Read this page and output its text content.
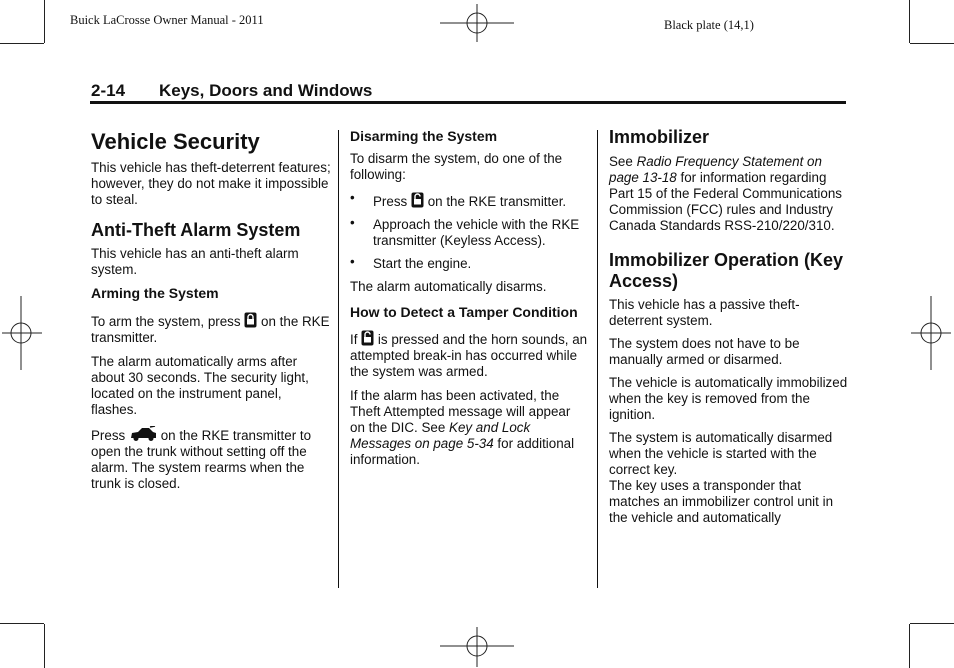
Buick LaCrosse Owner Manual - 2011	Black plate (14,1)
2-14 Keys, Doors and Windows
Vehicle Security

This vehicle has theft-deterrent features; however, they do not make it impossible to steal.

Anti-Theft Alarm System

This vehicle has an anti-theft alarm system.

Arming the System

To arm the system, press on the RKE transmitter.

The alarm automatically arms after about 30 seconds. The security light, located on the instrument panel, flashes.

Press	on the RKE transmitter to open the trunk without setting off the alarm. The system rearms when the trunk is closed.

Disarming the System

To disarm the system, do one of the following:

• Press on the RKE transmitter.
• Approach the vehicle with the RKE transmitter (Keyless Access).
• Start the engine.

The alarm automatically disarms.

How to Detect a Tamper Condition

If is pressed and the horn sounds, an attempted break-in has occurred while the system was armed.

If the alarm has been activated, the Theft Attempted message will appear on the DIC. See Key and Lock Messages on page 5-34 for additional information.

Immobilizer

See Radio Frequency Statement on page 13-18 for information regarding Part 15 of the Federal Communications Commission (FCC) rules and Industry Canada Standards RSS-210/220/310.

Immobilizer Operation (Key Access)

This vehicle has a passive theft-deterrent system.

The system does not have to be manually armed or disarmed.

The vehicle is automatically immobilized when the key is removed from the ignition.

The system is automatically disarmed when the vehicle is started with the correct key.

The key uses a transponder that matches an immobilizer control unit in the vehicle and automatically
